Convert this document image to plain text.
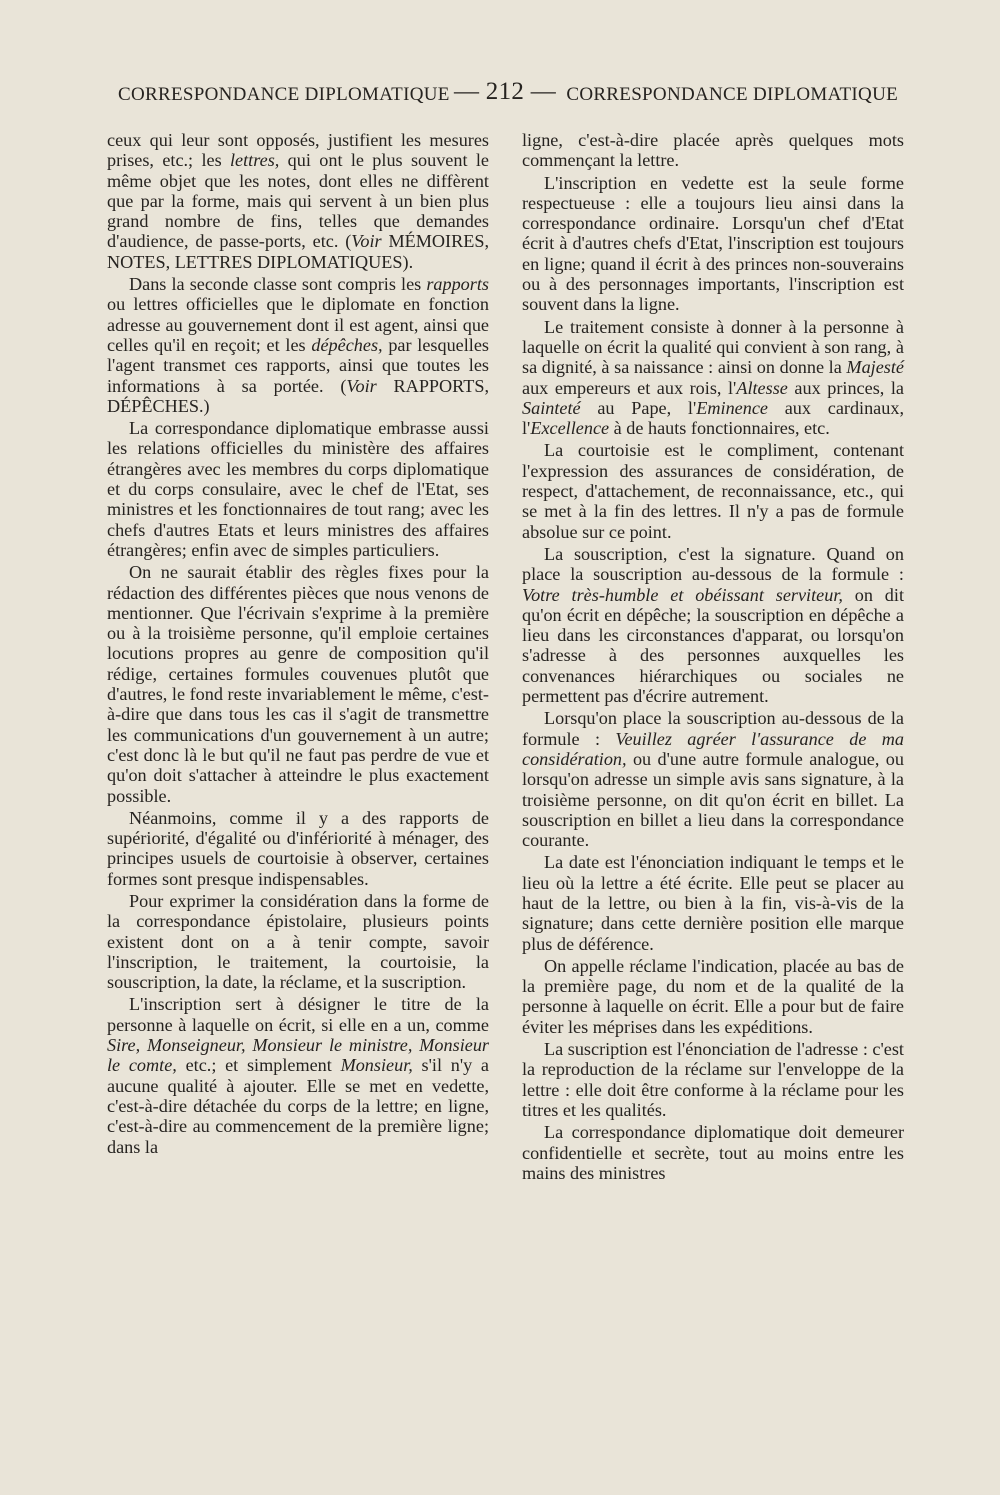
CORRESPONDANCE DIPLOMATIQUE — 212 — CORRESPONDANCE DIPLOMATIQUE

ceux qui leur sont opposés, justifient les mesures prises, etc.; les lettres, qui ont le plus souvent le même objet que les notes, dont elles ne diffèrent que par la forme, mais qui servent à un bien plus grand nombre de fins, telles que demandes d'audience, de passe-ports, etc. (Voir MÉMOIRES, NOTES, LETTRES DIPLOMATIQUES).

Dans la seconde classe sont compris les rapports ou lettres officielles que le diplomate en fonction adresse au gouvernement dont il est agent, ainsi que celles qu'il en reçoit; et les dépêches, par lesquelles l'agent transmet ces rapports, ainsi que toutes les informations à sa portée. (Voir RAPPORTS, DÉPÊCHES.)

La correspondance diplomatique embrasse aussi les relations officielles du ministère des affaires étrangères avec les membres du corps diplomatique et du corps consulaire, avec le chef de l'Etat, ses ministres et les fonctionnaires de tout rang; avec les chefs d'autres Etats et leurs ministres des affaires étrangères; enfin avec de simples particuliers.

On ne saurait établir des règles fixes pour la rédaction des différentes pièces que nous venons de mentionner. Que l'écrivain s'exprime à la première ou à la troisième personne, qu'il emploie certaines locutions propres au genre de composition qu'il rédige, certaines formules couvenues plutôt que d'autres, le fond reste invariablement le même, c'est-à-dire que dans tous les cas il s'agit de transmettre les communications d'un gouvernement à un autre; c'est donc là le but qu'il ne faut pas perdre de vue et qu'on doit s'attacher à atteindre le plus exactement possible.

Néanmoins, comme il y a des rapports de supériorité, d'égalité ou d'infériorité à ménager, des principes usuels de courtoisie à observer, certaines formes sont presque indispensables.

Pour exprimer la considération dans la forme de la correspondance épistolaire, plusieurs points existent dont on a à tenir compte, savoir l'inscription, le traitement, la courtoisie, la souscription, la date, la réclame, et la suscription.

L'inscription sert à désigner le titre de la personne à laquelle on écrit, si elle en a un, comme Sire, Monseigneur, Monsieur le ministre, Monsieur le comte, etc.; et simplement Monsieur, s'il n'y a aucune qualité à ajouter. Elle se met en vedette, c'est-à-dire détachée du corps de la lettre; en ligne, c'est-à-dire au commencement de la première ligne; dans la

ligne, c'est-à-dire placée après quelques mots commençant la lettre.

L'inscription en vedette est la seule forme respectueuse : elle a toujours lieu ainsi dans la correspondance ordinaire. Lorsqu'un chef d'Etat écrit à d'autres chefs d'Etat, l'inscription est toujours en ligne; quand il écrit à des princes non-souverains ou à des personnages importants, l'inscription est souvent dans la ligne.

Le traitement consiste à donner à la personne à laquelle on écrit la qualité qui convient à son rang, à sa dignité, à sa naissance : ainsi on donne la Majesté aux empereurs et aux rois, l'Altesse aux princes, la Sainteté au Pape, l'Eminence aux cardinaux, l'Excellence à de hauts fonctionnaires, etc.

La courtoisie est le compliment, contenant l'expression des assurances de considération, de respect, d'attachement, de reconnaissance, etc., qui se met à la fin des lettres. Il n'y a pas de formule absolue sur ce point.

La souscription, c'est la signature. Quand on place la souscription au-dessous de la formule : Votre très-humble et obéissant serviteur, on dit qu'on écrit en dépêche; la souscription en dépêche a lieu dans les circonstances d'apparat, ou lorsqu'on s'adresse à des personnes auxquelles les convenances hiérarchiques ou sociales ne permettent pas d'écrire autrement.

Lorsqu'on place la souscription au-dessous de la formule : Veuillez agréer l'assurance de ma considération, ou d'une autre formule analogue, ou lorsqu'on adresse un simple avis sans signature, à la troisième personne, on dit qu'on écrit en billet. La souscription en billet a lieu dans la correspondance courante.

La date est l'énonciation indiquant le temps et le lieu où la lettre a été écrite. Elle peut se placer au haut de la lettre, ou bien à la fin, vis-à-vis de la signature; dans cette dernière position elle marque plus de déférence.

On appelle réclame l'indication, placée au bas de la première page, du nom et de la qualité de la personne à laquelle on écrit. Elle a pour but de faire éviter les méprises dans les expéditions.

La suscription est l'énonciation de l'adresse : c'est la reproduction de la réclame sur l'enveloppe de la lettre : elle doit être conforme à la réclame pour les titres et les qualités.

La correspondance diplomatique doit demeurer confidentielle et secrète, tout au moins entre les mains des ministres
